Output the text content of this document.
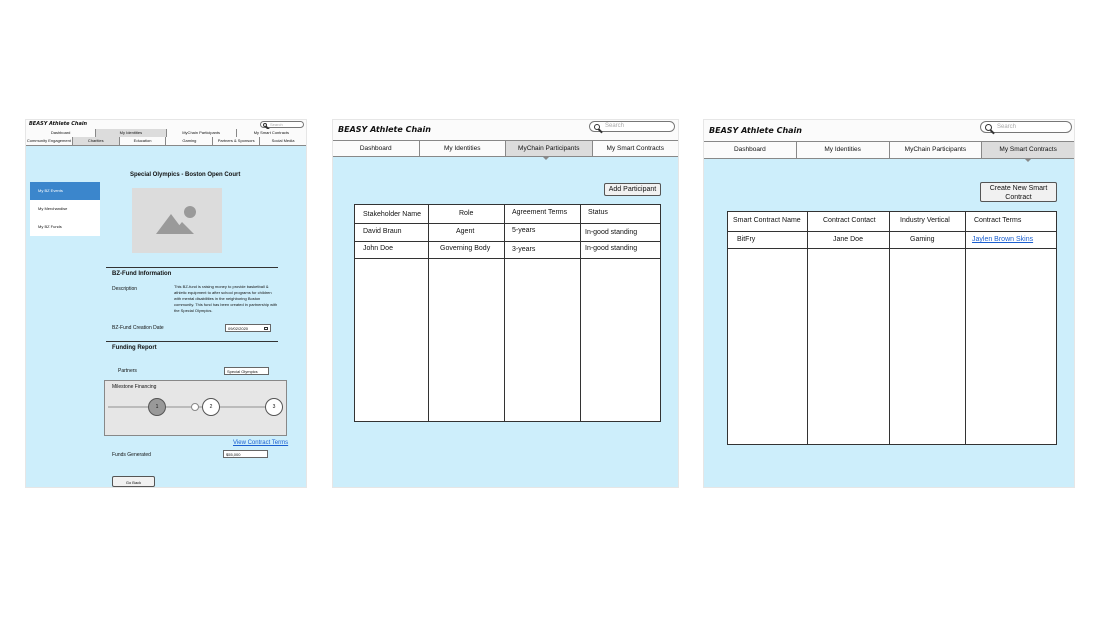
BEASY Athlete Chain	Search
Dashboard	My Identities	MyChain Participants	My Smart Contracts
Community Engagement	Charities	Education	Gaming	Partners & Sponsors	Social Media
My BZ Events
My Merchandise
My BZ Funds
Special Olympics - Boston Open Court
BZ-Fund Information
Description	This BZ-fund is raising money to provide basketball & athletic equipment to after school programs for children with mental disabilities in the neighboring Boston community. This fund has been created in partnership with the Special Olympics.
BZ-Fund Creation Date	09/02/2020
Funding Report
Partners	Special Olympics
Milestone Financing
1	2	3
View Contract Terms
Funds Generated	$55,000
Go Back
BEASY Athlete Chain	Search
Dashboard	My Identities	MyChain Participants	My Smart Contracts
Add Participant
Stakeholder Name	Role	Agreement Terms	Status
David Braun	Agent	5-years	In-good standing
John Doe	Governing Body	3-years	In-good standing
BEASY Athlete Chain	Search
Dashboard	My Identities	MyChain Participants	My Smart Contracts
Create New Smart Contract
Smart Contract Name	Contract Contact	Industry Vertical	Contract Terms
BitFry	Jane Doe	Gaming	Jaylen Brown Skins
